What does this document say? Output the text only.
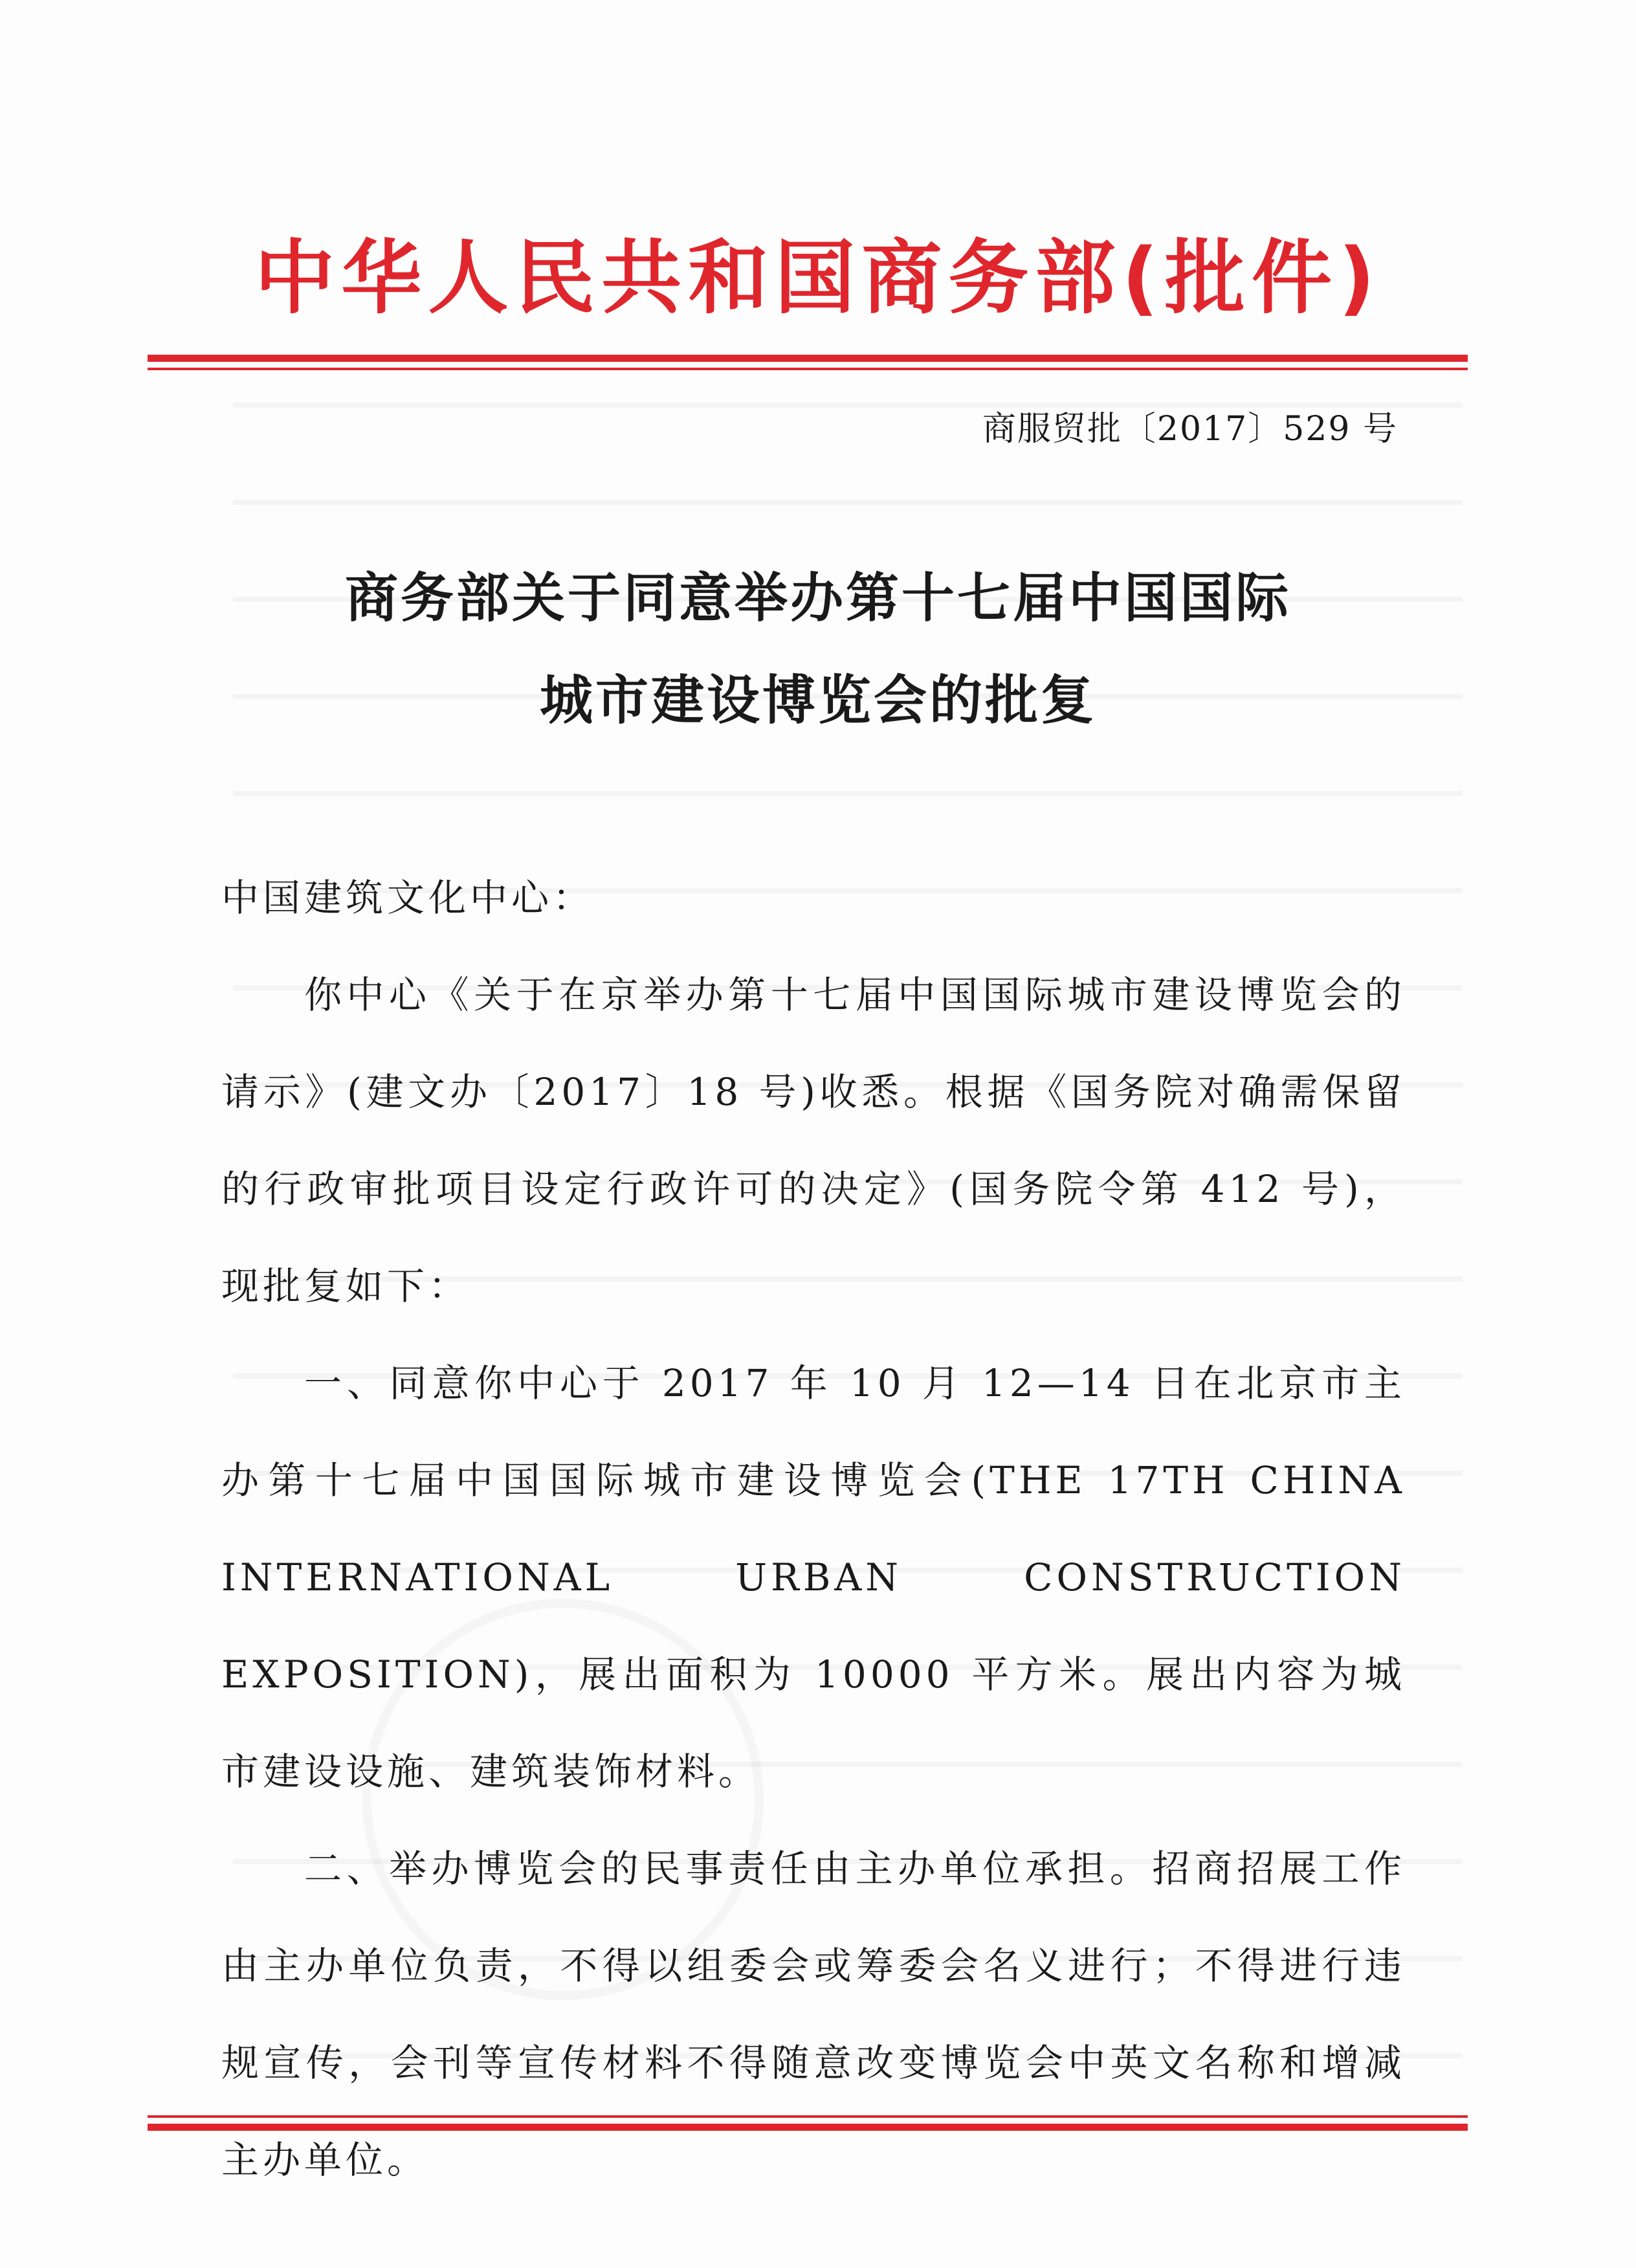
中华人民共和国商务部(批件)
商服贸批〔2017〕529 号
商务部关于同意举办第十七届中国国际
城市建设博览会的批复

中国建筑文化中心：

你中心《关于在京举办第十七届中国国际城市建设博览会的请示》(建文办〔2017〕18 号)收悉。根据《国务院对确需保留的行政审批项目设定行政许可的决定》(国务院令第 412 号)，现批复如下：

一、同意你中心于 2017 年 10 月 12—14 日在北京市主办第十七届中国国际城市建设博览会(THE 17TH CHINA INTERNATIONAL URBAN CONSTRUCTION EXPOSITION)，展出面积为 10000 平方米。展出内容为城市建设设施、建筑装饰材料。

二、举办博览会的民事责任由主办单位承担。招商招展工作由主办单位负责，不得以组委会或筹委会名义进行；不得进行违规宣传，会刊等宣传材料不得随意改变博览会中英文名称和增减主办单位。
